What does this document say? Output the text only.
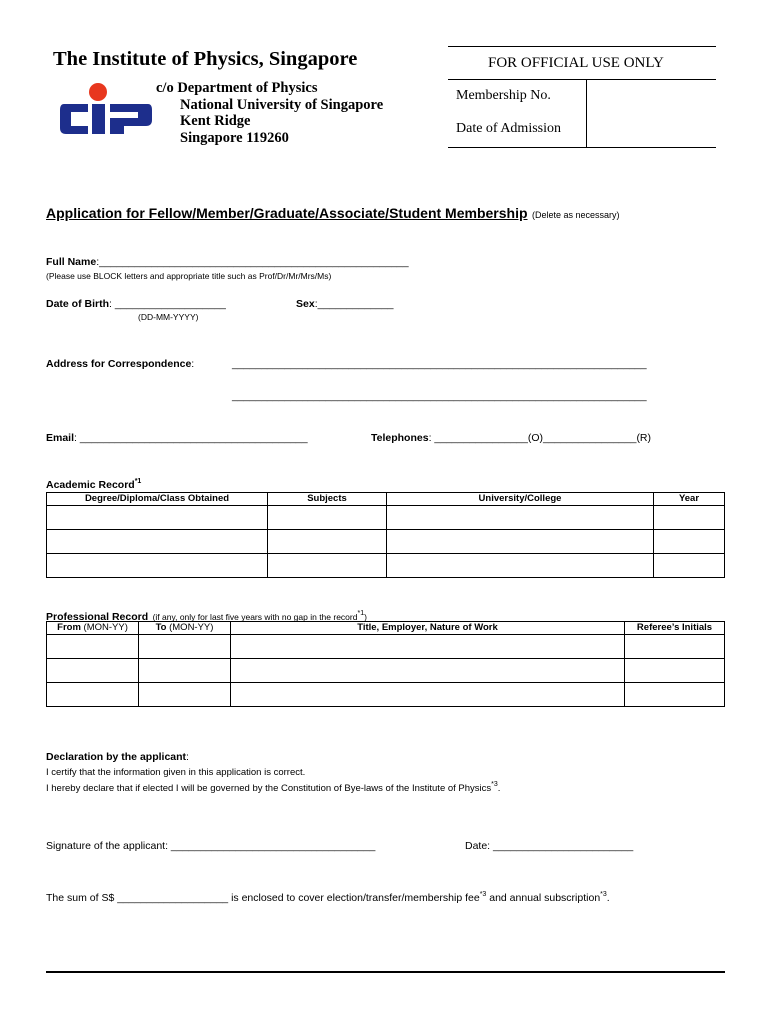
The Institute of Physics, Singapore
IPS	c/o Department of Physics
National University of Singapore
Kent Ridge
Singapore 119260
FOR OFFICIAL USE ONLY
Membership No.
Date of Admission
Application for Fellow/Member/Graduate/Associate/Student Membership (Delete as necessary)
Full Name:_____________________________________________________
(Please use BLOCK letters and appropriate title such as Prof/Dr/Mr/Mrs/Ms)
Date of Birth: ___________________
(DD-MM-YYYY)
Sex:_____________
Address for Correspondence:	_______________________________________________________________________
_______________________________________________________________________
Email: _______________________________________	Telephones: ________________(O)________________(R)
Academic Record$^{*1}$
Degree/Diploma/Class Obtained	Subjects	University/College	Year

Professional Record (if any, only for last five years with no gap in the record$^{*1}$)
From (MON-YY)	To (MON-YY)	Title, Employer, Nature of Work	Referee’s Initials

Declaration by the applicant:
I certify that the information given in this application is correct.
I hereby declare that if elected I will be governed by the Constitution of Bye-laws of the Institute of Physics$^{*3}$.
Signature of the applicant: ___________________________________	Date: ________________________
The sum of S$ ___________________ is enclosed to cover election/transfer/membership fee$^{*3}$ and annual subscription$^{*3}$.
